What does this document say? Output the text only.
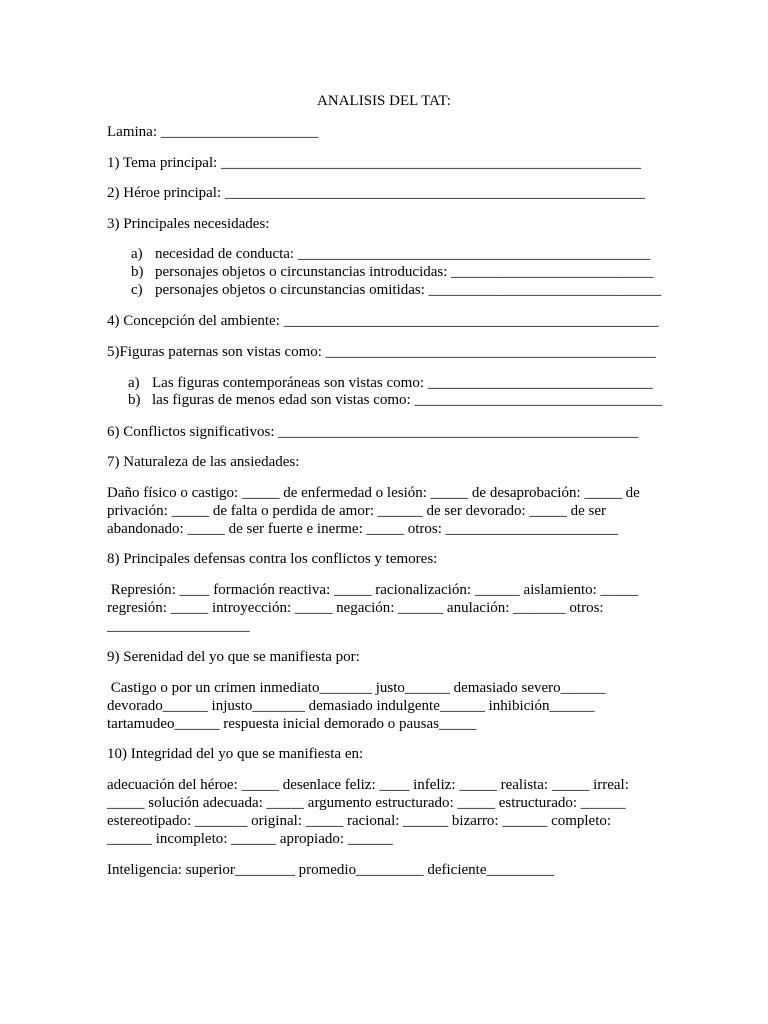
ANALISIS DEL TAT:

Lamina: _____________________

1) Tema principal: ________________________________________________________

2) Héroe principal: ________________________________________________________

3) Principales necesidades:

a) necesidad de conducta: _______________________________________________
b) personajes objetos o circunstancias introducidas: ___________________________
c) personajes objetos o circunstancias omitidas: _______________________________

4) Concepción del ambiente: __________________________________________________

5)Figuras paternas son vistas como: ____________________________________________

a) Las figuras contemporáneas son vistas como: ______________________________
b) las figuras de menos edad son vistas como: _________________________________

6) Conflictos significativos: ________________________________________________

7) Naturaleza de las ansiedades:

Daño físico o castigo: _____ de enfermedad o lesión: _____ de desaprobación: _____ de

privación: _____ de falta o perdida de amor: ______ de ser devorado: _____ de ser

abandonado: _____ de ser fuerte e inerme: _____ otros: _______________________

8) Principales defensas contra los conflictos y temores:

Represión: ____ formación reactiva: _____ racionalización: ______ aislamiento: _____

regresión: _____ introyección: _____ negación: ______ anulación: _______ otros:

___________________

9) Serenidad del yo que se manifiesta por:

Castigo o por un crimen inmediato_______ justo______ demasiado severo______

devorado______ injusto_______ demasiado indulgente______ inhibición______

tartamudeo______ respuesta inicial demorado o pausas_____

10) Integridad del yo que se manifiesta en:

adecuación del héroe: _____ desenlace feliz: ____ infeliz: _____ realista: _____ irreal:

_____ solución adecuada: _____ argumento estructurado: _____ estructurado: ______

estereotipado: _______ original: _____ racional: ______ bizarro: ______ completo:

______ incompleto: ______ apropiado: ______

Inteligencia: superior________ promedio_________ deficiente_________
